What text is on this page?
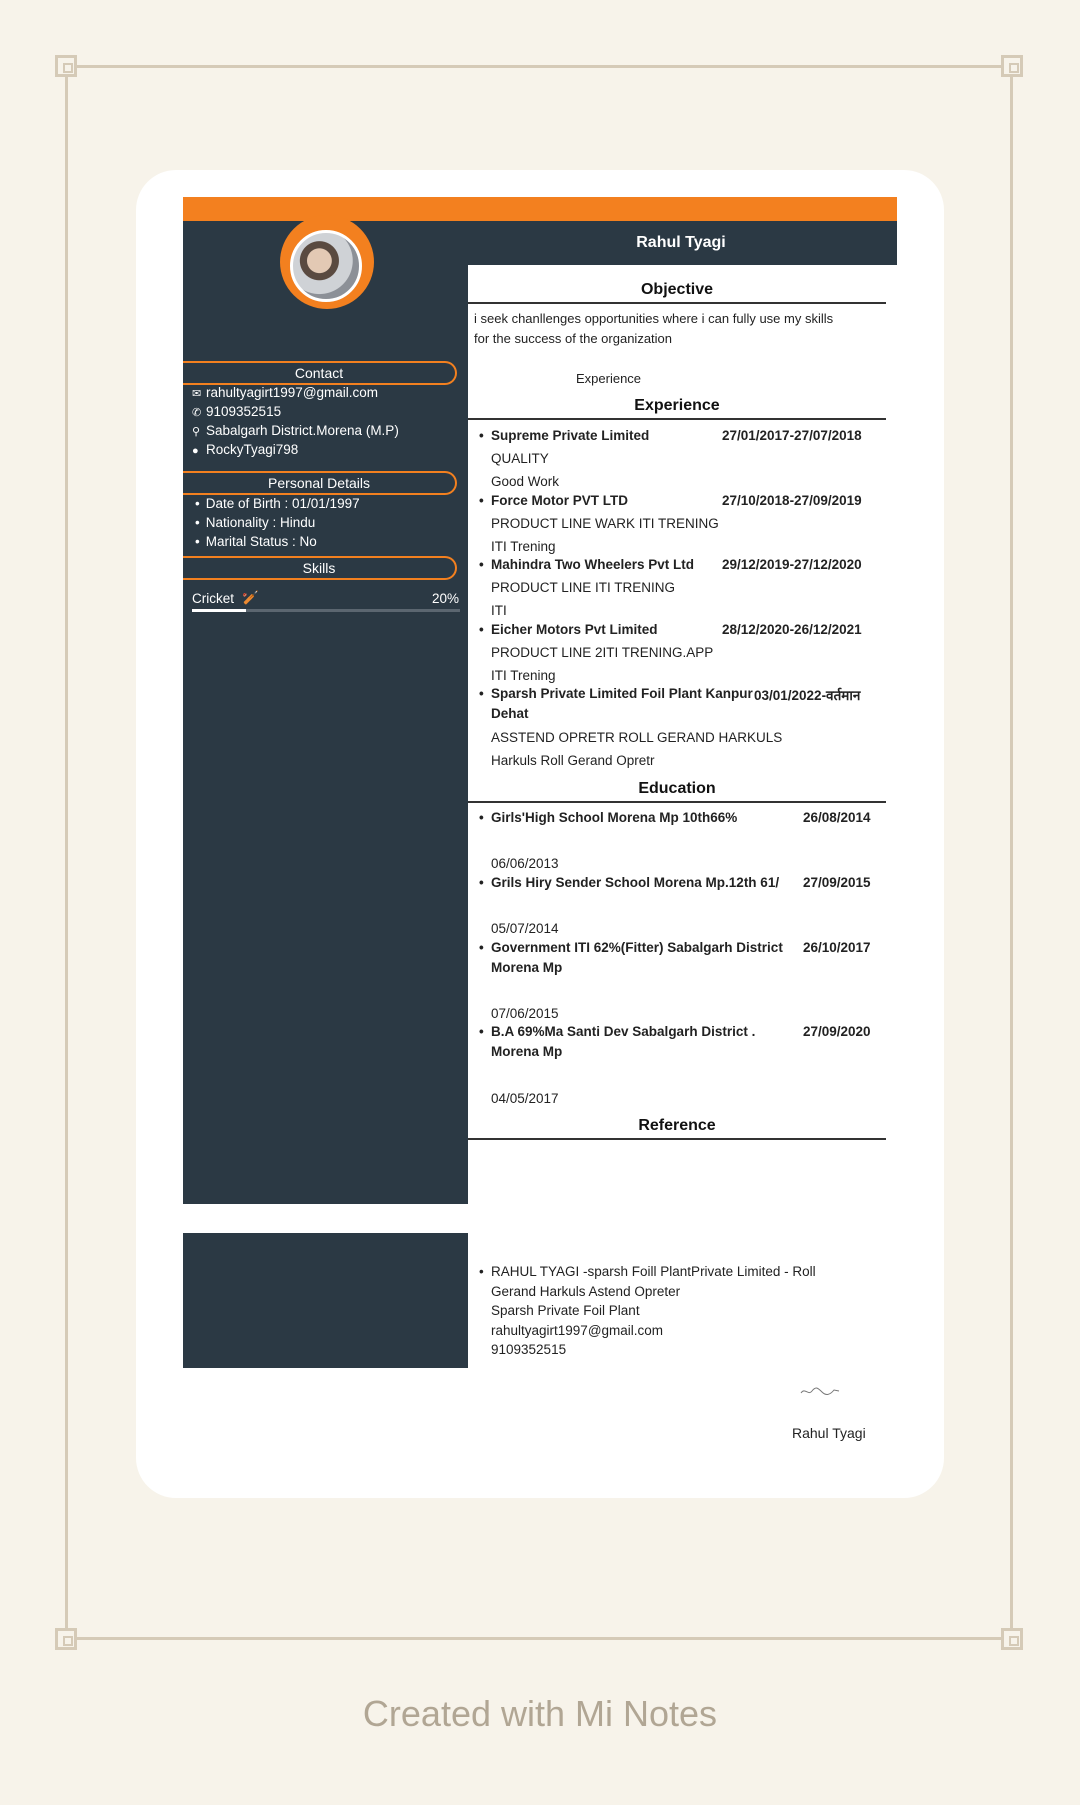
Rahul Tyagi
Contact
✉ rahultyagirt1997@gmail.com
✆ 9109352515
⚲ Sabalgarh District.Morena (M.P)
● RockyTyagi798
Personal Details
• Date of Birth : 01/01/1997
• Nationality : Hindu
• Marital Status : No
Skills
Cricket 🏏	20%
Objective
i seek chanllenges opportunities where i can fully use my skills
for the success of the organization
Experience
Experience
• Supreme Private Limited	27/01/2017-27/07/2018
QUALITY
Good Work
• Force Motor PVT LTD	27/10/2018-27/09/2019
PRODUCT LINE WARK ITI TRENING
ITI Trening
• Mahindra Two Wheelers Pvt Ltd 29/12/2019-27/12/2020
PRODUCT LINE ITI TRENING
ITI
• Eicher Motors Pvt Limited	28/12/2020-26/12/2021
PRODUCT LINE 2ITI TRENING.APP
ITI Trening
• Sparsh Private Limited Foil Plant Kanpur 03/01/2022-वर्तमान
Dehat
ASSTEND OPRETR ROLL GERAND HARKULS
Harkuls Roll Gerand Opretr
Education
• Girls'High School Morena Mp 10th66%	26/08/2014
06/06/2013
• Grils Hiry Sender School Morena Mp.12th 61/ 27/09/2015
05/07/2014
• Government ITI 62%(Fitter) Sabalgarh District 26/10/2017
Morena Mp
07/06/2015
• B.A 69%Ma Santi Dev Sabalgarh District .	27/09/2020
Morena Mp
04/05/2017
Reference
• RAHUL TYAGI -sparsh Foill PlantPrivate Limited - Roll
Gerand Harkuls Astend Opreter
Sparsh Private Foil Plant
rahultyagirt1997@gmail.com
9109352515
Rahul Tyagi
Created with Mi Notes
